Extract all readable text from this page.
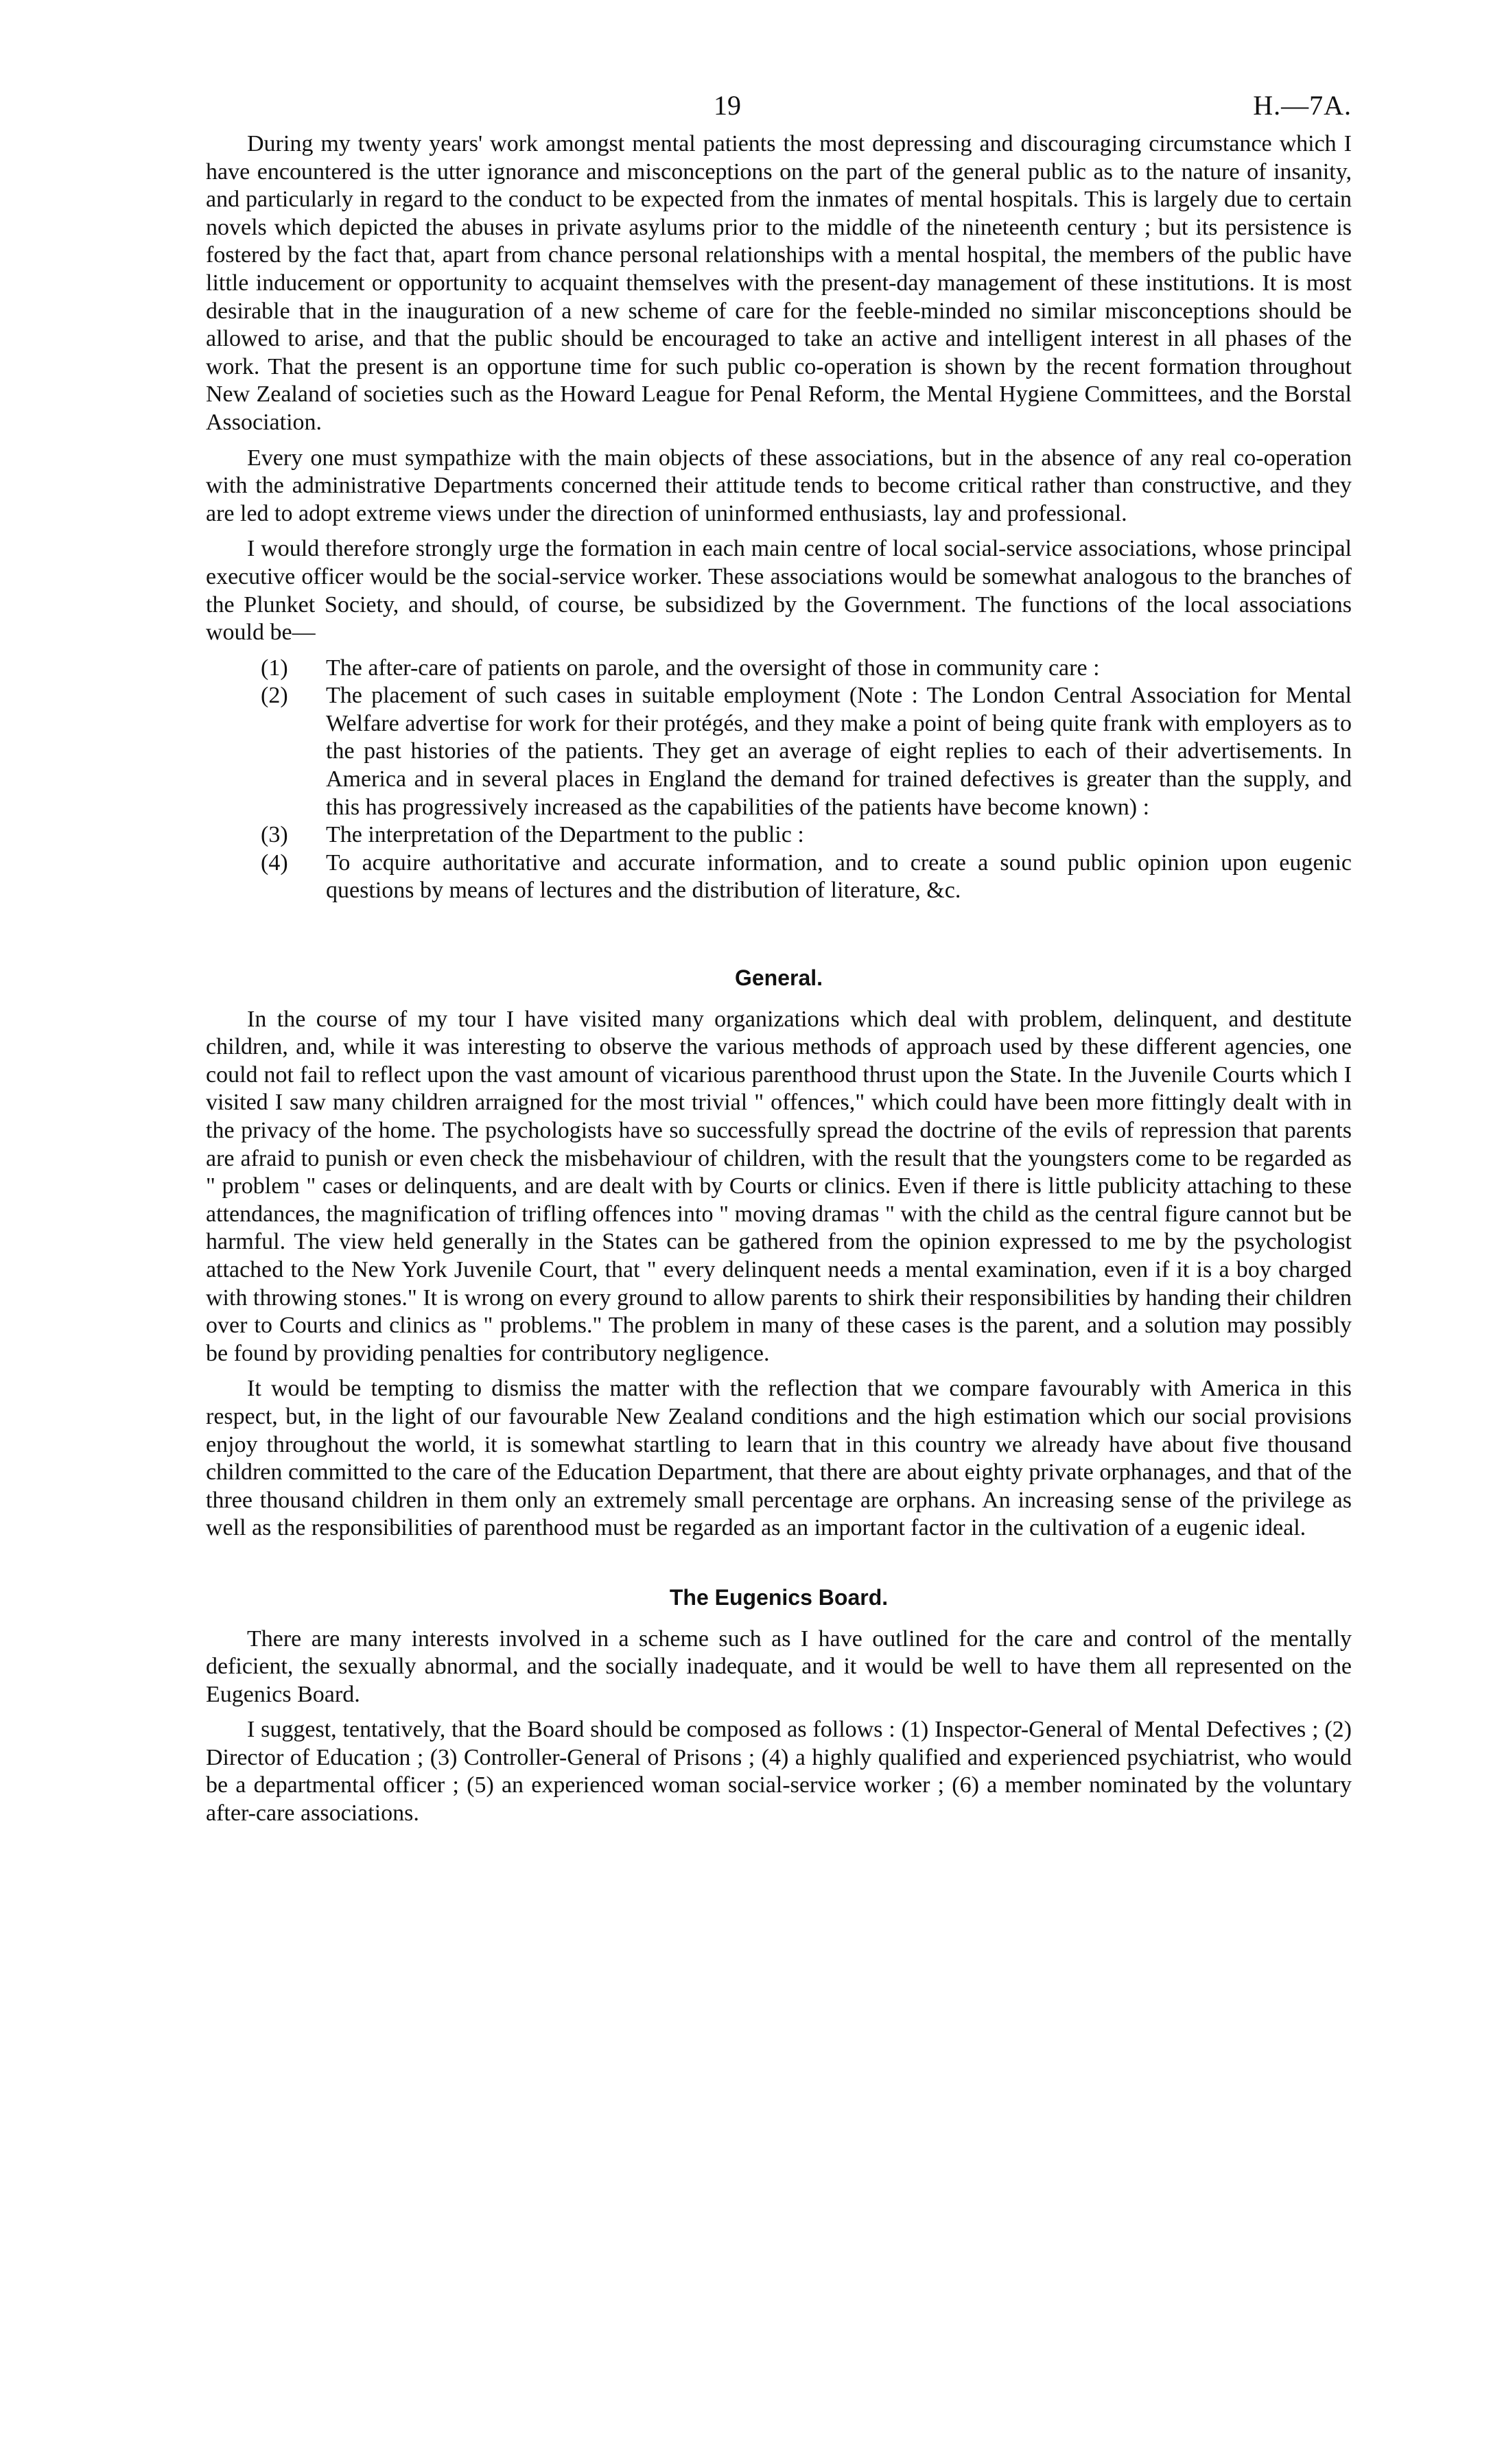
19	H.—7A.

During my twenty years' work amongst mental patients the most depressing and discouraging circumstance which I have encountered is the utter ignorance and misconceptions on the part of the general public as to the nature of insanity, and particularly in regard to the conduct to be expected from the inmates of mental hospitals. This is largely due to certain novels which depicted the abuses in private asylums prior to the middle of the nineteenth century ; but its persistence is fostered by the fact that, apart from chance personal relationships with a mental hospital, the members of the public have little inducement or opportunity to acquaint themselves with the present-day management of these institutions. It is most desirable that in the inauguration of a new scheme of care for the feeble-minded no similar misconceptions should be allowed to arise, and that the public should be encouraged to take an active and intelligent interest in all phases of the work. That the present is an opportune time for such public co-operation is shown by the recent formation throughout New Zealand of societies such as the Howard League for Penal Reform, the Mental Hygiene Committees, and the Borstal Association.

Every one must sympathize with the main objects of these associations, but in the absence of any real co-operation with the administrative Departments concerned their attitude tends to become critical rather than constructive, and they are led to adopt extreme views under the direction of uninformed enthusiasts, lay and professional.

I would therefore strongly urge the formation in each main centre of local social-service associations, whose principal executive officer would be the social-service worker. These associations would be somewhat analogous to the branches of the Plunket Society, and should, of course, be subsidized by the Government. The functions of the local associations would be—

(1) The after-care of patients on parole, and the oversight of those in community care :
(2) The placement of such cases in suitable employment (Note : The London Central Association for Mental Welfare advertise for work for their protégés, and they make a point of being quite frank with employers as to the past histories of the patients. They get an average of eight replies to each of their advertisements. In America and in several places in England the demand for trained defectives is greater than the supply, and this has progressively increased as the capabilities of the patients have become known) :
(3) The interpretation of the Department to the public :
(4) To acquire authoritative and accurate information, and to create a sound public opinion upon eugenic questions by means of lectures and the distribution of literature, &c.
General.

In the course of my tour I have visited many organizations which deal with problem, delinquent, and destitute children, and, while it was interesting to observe the various methods of approach used by these different agencies, one could not fail to reflect upon the vast amount of vicarious parenthood thrust upon the State. In the Juvenile Courts which I visited I saw many children arraigned for the most trivial " offences," which could have been more fittingly dealt with in the privacy of the home. The psychologists have so successfully spread the doctrine of the evils of repression that parents are afraid to punish or even check the misbehaviour of children, with the result that the youngsters come to be regarded as " problem " cases or delinquents, and are dealt with by Courts or clinics. Even if there is little publicity attaching to these attendances, the magnification of trifling offences into " moving dramas " with the child as the central figure cannot but be harmful. The view held generally in the States can be gathered from the opinion expressed to me by the psychologist attached to the New York Juvenile Court, that " every delinquent needs a mental examination, even if it is a boy charged with throwing stones." It is wrong on every ground to allow parents to shirk their responsibilities by handing their children over to Courts and clinics as " problems." The problem in many of these cases is the parent, and a solution may possibly be found by providing penalties for contributory negligence.

It would be tempting to dismiss the matter with the reflection that we compare favourably with America in this respect, but, in the light of our favourable New Zealand conditions and the high estimation which our social provisions enjoy throughout the world, it is somewhat startling to learn that in this country we already have about five thousand children committed to the care of the Education Department, that there are about eighty private orphanages, and that of the three thousand children in them only an extremely small percentage are orphans. An increasing sense of the privilege as well as the responsibilities of parenthood must be regarded as an important factor in the cultivation of a eugenic ideal.

The Eugenics Board.

There are many interests involved in a scheme such as I have outlined for the care and control of the mentally deficient, the sexually abnormal, and the socially inadequate, and it would be well to have them all represented on the Eugenics Board.

I suggest, tentatively, that the Board should be composed as follows : (1) Inspector-General of Mental Defectives ; (2) Director of Education ; (3) Controller-General of Prisons ; (4) a highly qualified and experienced psychiatrist, who would be a departmental officer ; (5) an experienced woman social-service worker ; (6) a member nominated by the voluntary after-care associations.
